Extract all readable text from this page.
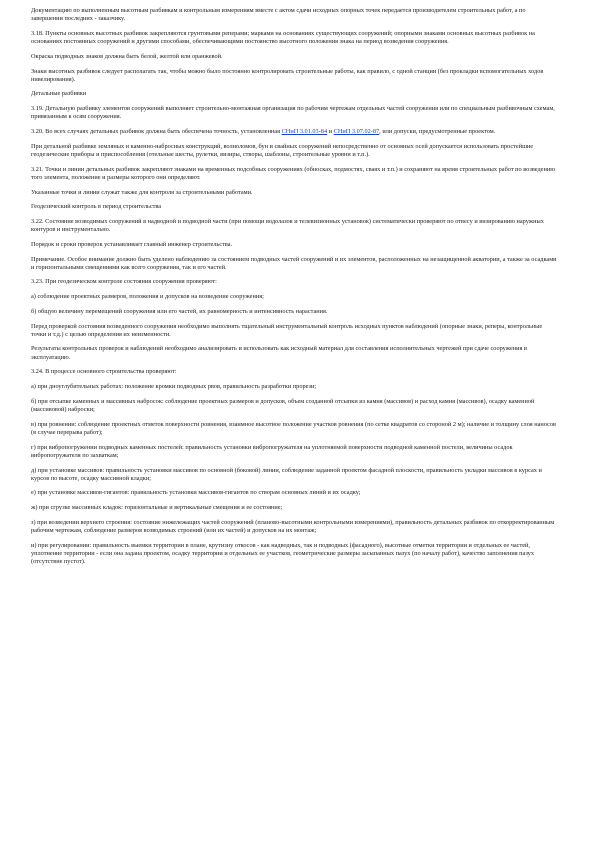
Документацию по выполненным высотным разбивкам и контрольным измерениям вместе с актом сдачи исходных опорных точек передается производителем строительных работ, а по завершении последних - заказчику.

3.18. Пункты основных высотных разбивок закрепляются грунтовыми реперами; марками на основаниях существующих сооружений; опорными знаками основных высотных разбивок на основаниях постоянных сооружений и другими способами, обеспечивающими постоянство высотного положения знака на период возведения сооружения.

Окраска подводных знаков должна быть белой, желтой или оранжевой.

Знаки высотных разбивок следует располагать так, чтобы можно было постоянно контролировать строительные работы, как правило, с одной станции (без прокладки вспомогательных ходов нивелирования).

Детальные разбивки

3.19. Детальную разбивку элементов сооружений выполняет строительно-монтажная организация по рабочим чертежам отдельных частей сооружения или по специальным разбивочным схемам, привязанным к осям сооружения.

3.20. Во всех случаях детальных разбивок должна быть обеспечена точность, установленная СНиП 3.01.03-84 и СНиП 3.07.02-87, или допуски, предусмотренные проектом.

При детальной разбивке земляных и каменно-набросных конструкций, волноломов, бун и свайных сооружений непосредственно от основных осей допускается использовать простейшие геодезические приборы и приспособления (отельные шесты, рулетки, визиры, створы, шаблоны, строительные уровни и т.п.).

3.21. Точки и линии детальных разбивок закрепляют знаками на временных подсобных сооружениях (обносках, подмостях, сваях и т.п.) и сохраняют на время строительных работ по возведению того элемента, положение и размеры которого они определяют.

Указанные точки и линии служат также для контроля за строительными работами.

Геодезический контроль в период строительства

3.22. Состояние возводимых сооружений в надводной и подводной части (при помощи водолазов и телевизионных установок) систематически проверяют по отвесу и визированию наружных контуров и инструментально.

Порядок и сроки проверок устанавливает главный инженер строительства.

Примечание. Особое внимание должно быть уделено наблюдению за состоянием подводных частей сооружений и их элементов, расположенных на незащищенной акватории, а также за осадками и горизонтальными смещениями как всего сооружения, так и его частей.

3.23. При геодезическом контроле состояния сооружения проверяют:

а) соблюдение проектных размеров, положения и допусков на возведение сооружения;

б) общую величину перемещений сооружения или его частей, их равномерность и интенсивность нарастания.

Перед проверкой состояния возведенного сооружения необходимо выполнять тщательный инструментальный контроль исходных пунктов наблюдений (опорные знаки, реперы, контрольные точки и т.д.) с целью определения их неизменности.

Результаты контрольных проверок и наблюдений необходимо анализировать и использовать как исходный материал для составления исполнительных чертежей при сдаче сооружения в эксплуатацию.

3.24. В процессе основного строительства проверяют:

а) при дноуглубительных работах: положение кромки подводных рвов, правильность разработки прорези;

б) при отсыпке каменных и массивных набросок: соблюдение проектных размеров и допусков, объем созданной отсыпки из камня (массивов) и расход камня (массивов), осадку каменной (массивовой) наброски;

в) при ровнении: соблюдение проектных отметок поверхности ровнения, взаимное высотное положение участков ровнения (по сетке квадратов со стороной 2 м); наличие и толщину слоя наносов (в случае перерыва работ);

г) при вибропогружении подводных каменных постелей: правильность установки вибропогружателя на уплотняемой поверхности подводной каменной постели, величины осадок вибропогружателя по захваткам;

д) при установке массивов: правильность установки массивов по основной (боковой) линии, соблюдение заданной проектом фасадной плоскости, правильность укладки массивов в курсах и курсов по высоте, осадку массивной кладки;

е) при установке массивов-гигантов: правильность установки массивов-гигантов по створам основных линий и их осадку;

ж) при сгрузке массивных кладок: горизонтальные и вертикальные смещения и ее состояние;

з) при возведении верхнего строения: состояние нижележащих частей сооружений (планово-высотными контрольными измерениями), правильность детальных разбивок по откорректированным рабочим чертежам, соблюдение размеров возводимых строений (или их частей) и допусков на их монтаж;

и) при регулировании: правильность выемки территории в плане, крутизну откосов - как надводных, так и подводных (фасадного), высотные отметки территории и отдельных ее частей, уплотнение территории - если она задана проектом, осадку территории и отдельных ее участков, геометрические размеры засыпанных пазух (по началу работ), качество заполнения пазух (отсутствие пустот).
